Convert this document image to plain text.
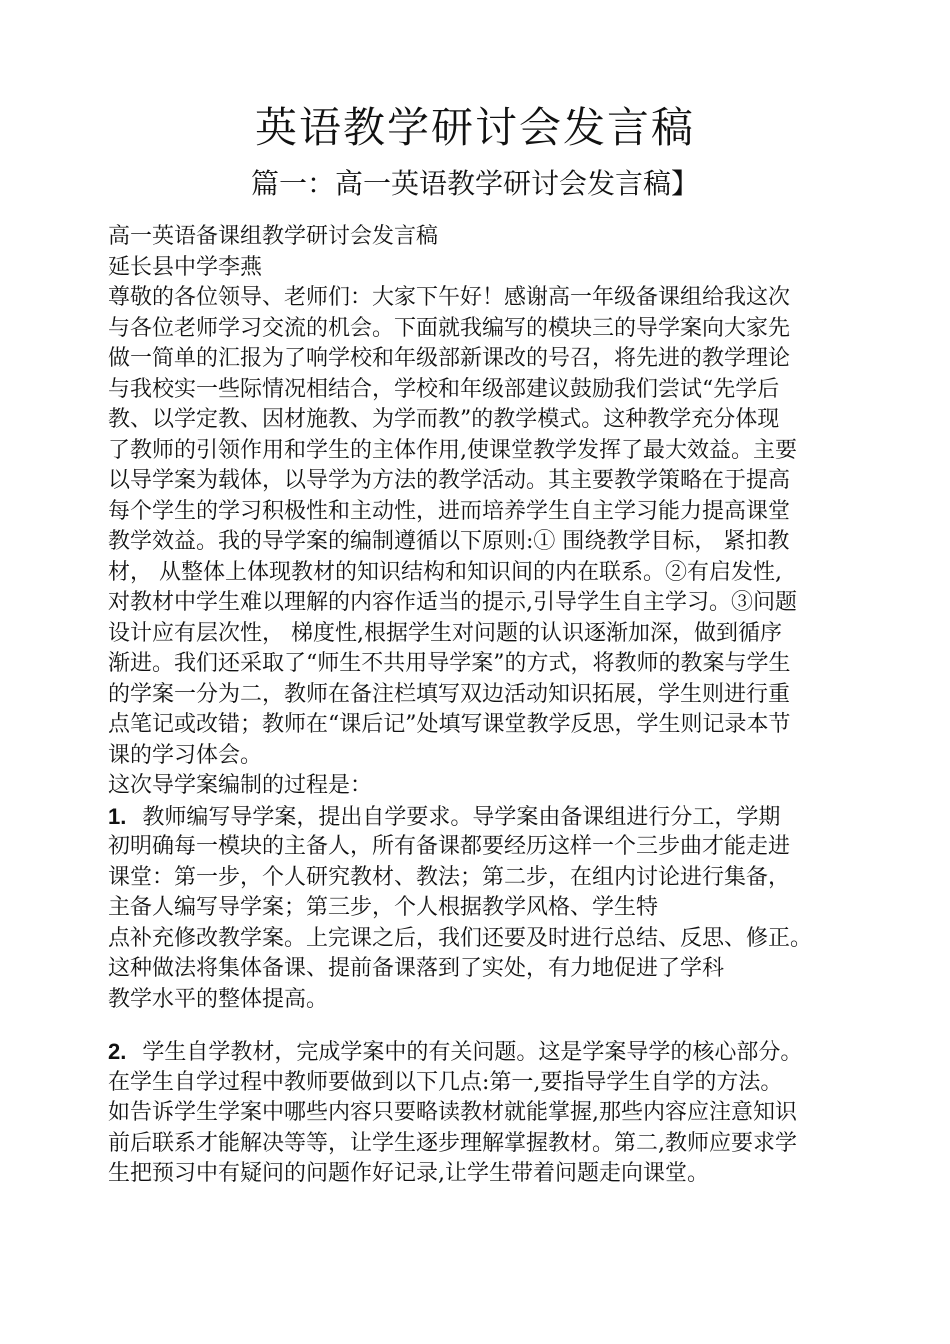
英语教学研讨会发言稿
篇一：高一英语教学研讨会发言稿】
高一英语备课组教学研讨会发言稿
延长县中学李燕
尊敬的各位领导、老师们：大家下午好！感谢高一年级备课组给我这次
与各位老师学习交流的机会。下面就我编写的模块三的导学案向大家先
做一简单的汇报为了响学校和年级部新课改的号召，将先进的教学理论
与我校实一些际情况相结合，学校和年级部建议鼓励我们尝试“先学后
教、以学定教、因材施教、为学而教”的教学模式。这种教学充分体现
了教师的引领作用和学生的主体作用,使课堂教学发挥了最大效益。主要
以导学案为载体，以导学为方法的教学活动。其主要教学策略在于提高
每个学生的学习积极性和主动性，进而培养学生自主学习能力提高课堂
教学效益。我的导学案的编制遵循以下原则:① 围绕教学目标， 紧扣教
材， 从整体上体现教材的知识结构和知识间的内在联系。②有启发性,
对教材中学生难以理解的内容作适当的提示,引导学生自主学习。③问题
设计应有层次性， 梯度性,根据学生对问题的认识逐渐加深，做到循序
渐进。我们还采取了“师生不共用导学案”的方式，将教师的教案与学生
的学案一分为二，教师在备注栏填写双边活动知识拓展，学生则进行重
点笔记或改错；教师在“课后记”处填写课堂教学反思，学生则记录本节
课的学习体会。
这次导学案编制的过程是：
1. 教师编写导学案，提出自学要求。导学案由备课组进行分工，学期
初明确每一模块的主备人，所有备课都要经历这样一个三步曲才能走进
课堂：第一步，个人研究教材、教法；第二步，在组内讨论进行集备，
主备人编写导学案；第三步，个人根据教学风格、学生特
点补充修改教学案。上完课之后，我们还要及时进行总结、反思、修正。
这种做法将集体备课、提前备课落到了实处，有力地促进了学科
教学水平的整体提高。
2. 学生自学教材，完成学案中的有关问题。这是学案导学的核心部分。
在学生自学过程中教师要做到以下几点:第一,要指导学生自学的方法。
如告诉学生学案中哪些内容只要略读教材就能掌握,那些内容应注意知识
前后联系才能解决等等，让学生逐步理解掌握教材。第二,教师应要求学
生把预习中有疑问的问题作好记录,让学生带着问题走向课堂。
